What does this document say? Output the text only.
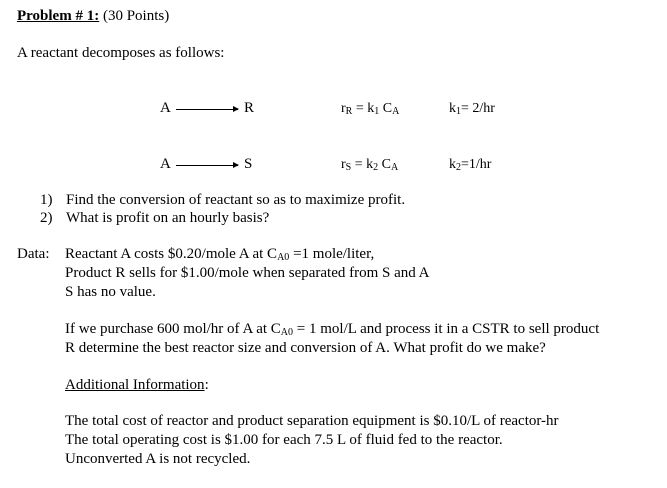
Problem # 1: (30 Points)
A reactant decomposes as follows:
A	R	$r_R = k_1$ $C_A$	$k_1= 2/hr$
A	S	$r_S = k_2$ $C_A$	$k_2=1/hr$
1) Find the conversion of reactant so as to maximize profit.
2) What is profit on an hourly basis?
Data: Reactant A costs $0.20/mole A at $C_{A0} =1$ mole/liter,
Product R sells for $1.00/mole when separated from S and A
S has no value.
If we purchase 600 mol/hr of A at $C_{A0} = 1$ mol/L and process it in a CSTR to sell product
R determine the best reactor size and conversion of A. What profit do we make?
Additional Information:
The total cost of reactor and product separation equipment is $0.10/L of reactor-hr
The total operating cost is $1.00 for each 7.5 L of fluid fed to the reactor.
Unconverted A is not recycled.
